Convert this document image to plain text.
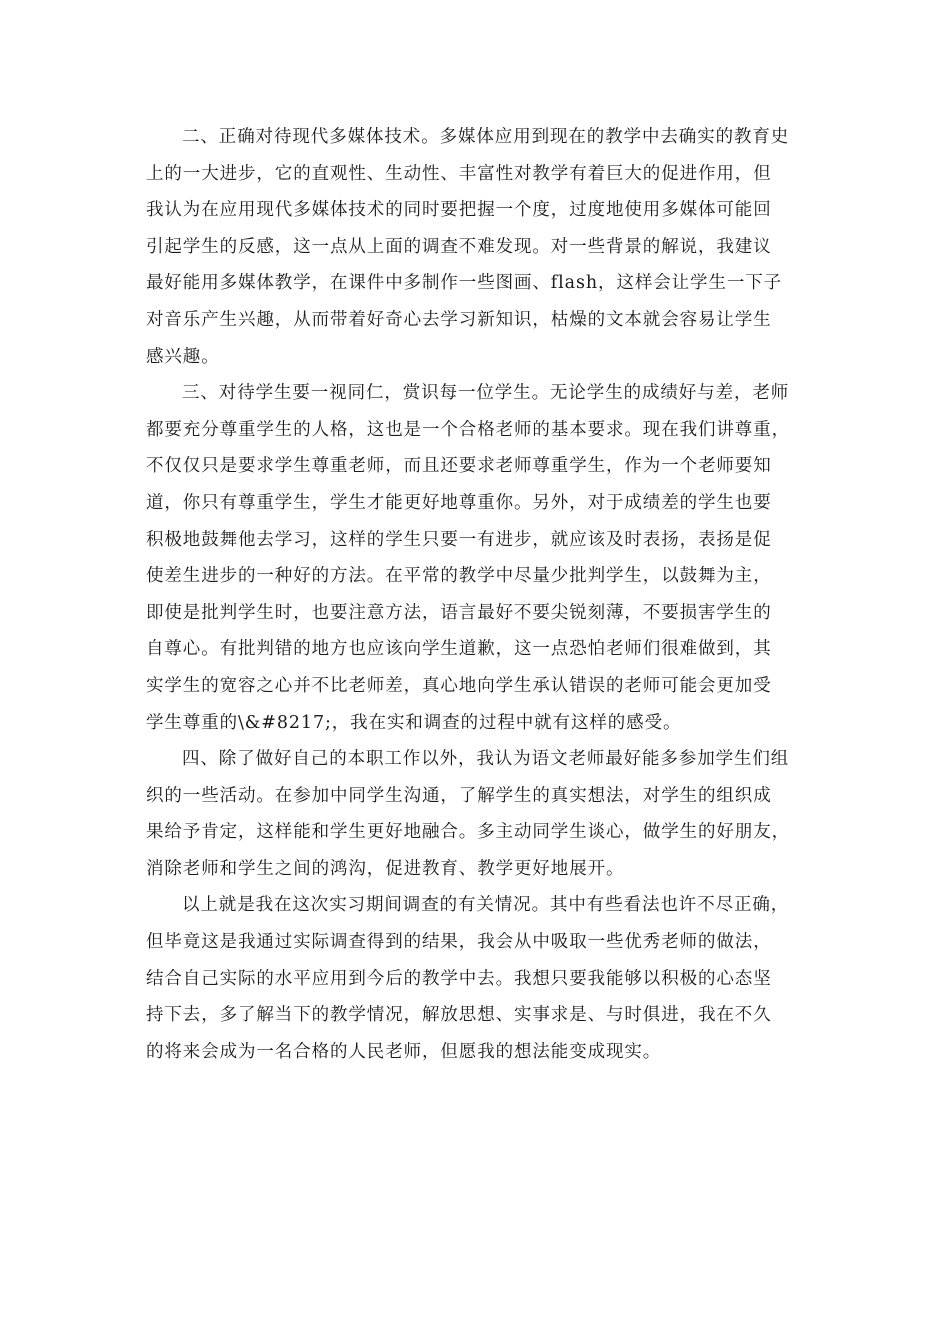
二、正确对待现代多媒体技术。多媒体应用到现在的教学中去确实的教育史
上的一大进步，它的直观性、生动性、丰富性对教学有着巨大的促进作用，但
我认为在应用现代多媒体技术的同时要把握一个度，过度地使用多媒体可能回
引起学生的反感，这一点从上面的调查不难发现。对一些背景的解说，我建议
最好能用多媒体教学，在课件中多制作一些图画、flash，这样会让学生一下子
对音乐产生兴趣，从而带着好奇心去学习新知识，枯燥的文本就会容易让学生
感兴趣。
三、对待学生要一视同仁，赏识每一位学生。无论学生的成绩好与差，老师
都要充分尊重学生的人格，这也是一个合格老师的基本要求。现在我们讲尊重，
不仅仅只是要求学生尊重老师，而且还要求老师尊重学生，作为一个老师要知
道，你只有尊重学生，学生才能更好地尊重你。另外，对于成绩差的学生也要
积极地鼓舞他去学习，这样的学生只要一有进步，就应该及时表扬，表扬是促
使差生进步的一种好的方法。在平常的教学中尽量少批判学生，以鼓舞为主，
即使是批判学生时，也要注意方法，语言最好不要尖锐刻薄，不要损害学生的
自尊心。有批判错的地方也应该向学生道歉，这一点恐怕老师们很难做到，其
实学生的宽容之心并不比老师差，真心地向学生承认错误的老师可能会更加受
学生尊重的\&#8217;，我在实和调查的过程中就有这样的感受。
四、除了做好自己的本职工作以外，我认为语文老师最好能多参加学生们组
织的一些活动。在参加中同学生沟通，了解学生的真实想法，对学生的组织成
果给予肯定，这样能和学生更好地融合。多主动同学生谈心，做学生的好朋友，
消除老师和学生之间的鸿沟，促进教育、教学更好地展开。
以上就是我在这次实习期间调查的有关情况。其中有些看法也许不尽正确，
但毕竟这是我通过实际调查得到的结果，我会从中吸取一些优秀老师的做法，
结合自己实际的水平应用到今后的教学中去。我想只要我能够以积极的心态坚
持下去，多了解当下的教学情况，解放思想、实事求是、与时俱进，我在不久
的将来会成为一名合格的人民老师，但愿我的想法能变成现实。
